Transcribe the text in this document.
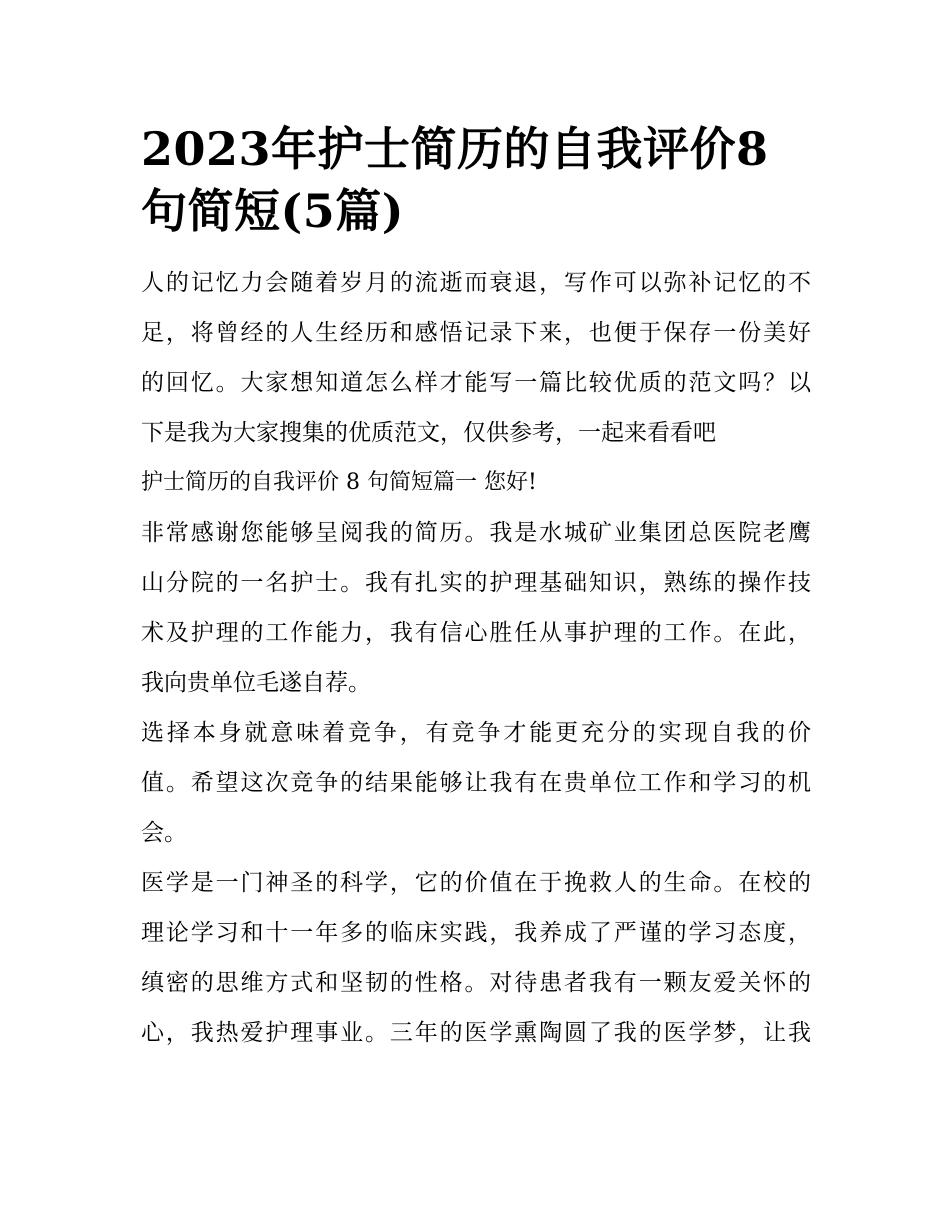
2023年护士简历的自我评价8
句简短(5篇)
人的记忆力会随着岁月的流逝而衰退，写作可以弥补记忆的不
足，将曾经的人生经历和感悟记录下来，也便于保存一份美好
的回忆。大家想知道怎么样才能写一篇比较优质的范文吗？以
下是我为大家搜集的优质范文，仅供参考，一起来看看吧
护士简历的自我评价 8 句简短篇一 您好!
非常感谢您能够呈阅我的简历。我是水城矿业集团总医院老鹰
山分院的一名护士。我有扎实的护理基础知识，熟练的操作技
术及护理的工作能力，我有信心胜任从事护理的工作。在此，
我向贵单位毛遂自荐。
选择本身就意味着竞争，有竞争才能更充分的实现自我的价
值。希望这次竞争的结果能够让我有在贵单位工作和学习的机
会。
医学是一门神圣的科学，它的价值在于挽救人的生命。在校的
理论学习和十一年多的临床实践，我养成了严谨的学习态度，
缜密的思维方式和坚韧的性格。对待患者我有一颗友爱关怀的
心，我热爱护理事业。三年的医学熏陶圆了我的医学梦，让我
